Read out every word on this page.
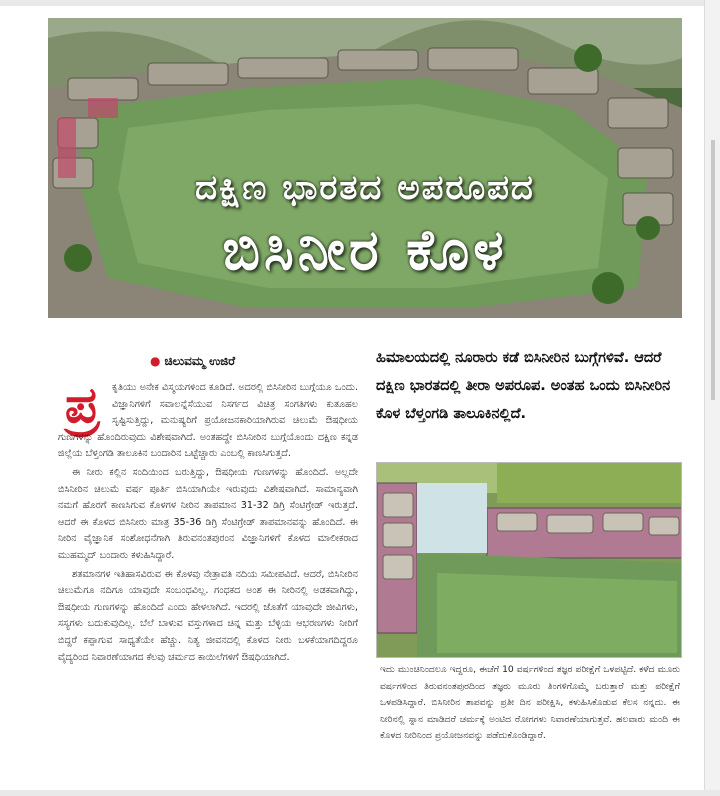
ದಕ್ಷಿಣ ಭಾರತದ ಅಪರೂಪದ
ಬಿಸಿನೀರ ಕೊಳ
● ಚಿಲುವಮ್ಮ ಉಜಿರೆ
ಪ್ರ	ಕೃತಿಯು ಅನೇಕ ವಿಸ್ಮಯಗಳಿಂದ ಕೂಡಿದೆ. ಅದರಲ್ಲಿ ಬಿಸಿನೀರಿನ ಬುಗ್ಗೆಯೂ ಒಂದು. ವಿಜ್ಞಾನಿಗಳಿಗೆ ಸವಾಲನ್ನೆಸೆಯುವ ನಿಸರ್ಗದ ವಿಚಿತ್ರ ಸಂಗತಿಗಳು ಕುತೂಹಲ ಸೃಷ್ಟಿಸುತ್ತಿದ್ದು, ಮನುಷ್ಯರಿಗೆ ಪ್ರಯೋಜನಕಾರಿಯಾಗಿರುವ ಚಿಲುಮೆ ಔಷಧೀಯ ಗುಣಗಳನ್ನು ಹೊಂದಿರುವುದು ವಿಶೇಷವಾಗಿದೆ. ಅಂತಹದ್ದೇ ಬಿಸಿನೀರಿನ ಬುಗ್ಗೆಯೊಂದು ದಕ್ಷಿಣ ಕನ್ನಡ ಜಿಲ್ಲೆಯ ಬೆಳ್ತಂಗಡಿ ತಾಲೂಕಿನ ಬಂದಾರಿನ ಒಟ್ಟೆಚ್ಚಾರು ಎಂಬಲ್ಲಿ ಕಾಣಸಿಗುತ್ತದೆ.

ಈ ನೀರು ಕಲ್ಲಿನ ಸಂದಿಯಿಂದ ಬರುತ್ತಿದ್ದು, ಔಷಧೀಯ ಗುಣಗಳನ್ನು ಹೊಂದಿದೆ. ಅಲ್ಲದೇ ಬಿಸಿನೀರಿನ ಚಿಲುಮೆ ವರ್ಷ ಪೂರ್ತಿ ಬಿಸಿಯಾಗಿಯೇ ಇರುವುದು ವಿಶೇಷವಾಗಿದೆ. ಸಾಮಾನ್ಯವಾಗಿ ನಮಗೆ ಹೊರಗೆ ಕಾಣಸಿಗುವ ಕೊಳಗಳ ನೀರಿನ ತಾಪಮಾನ 31-32 ಡಿಗ್ರಿ ಸೆಂಟಿಗ್ರೇಡ್ ಇರುತ್ತದೆ. ಆದರೆ ಈ ಕೊಳದ ಬಿಸಿನೀರು ಮಾತ್ರ 35-36 ಡಿಗ್ರಿ ಸೆಂಟಿಗ್ರೇಡ್ ತಾಪಮಾನವನ್ನು ಹೊಂದಿದೆ. ಈ ನೀರಿನ ವೈಜ್ಞಾನಿಕ ಸಂಶೋಧನೆಗಾಗಿ ತಿರುವನಂತಪುರಂನ ವಿಜ್ಞಾನಿಗಳಿಗೆ ಕೊಳದ ಮಾಲೀಕರಾದ ಮುಹಮ್ಮದ್ ಬಂದಾರು ಕಳುಹಿಸಿದ್ದಾರೆ.

ಶತಮಾನಗಳ ಇತಿಹಾಸವಿರುವ ಈ ಕೊಳವು ನೇತ್ರಾವತಿ ನದಿಯ ಸಮೀಪವಿದೆ. ಆದರೆ, ಬಿಸಿನೀರಿನ ಚಿಲುಮೆಗೂ ನದಿಗೂ ಯಾವುದೇ ಸಂಬಂಧವಿಲ್ಲ. ಗಂಧಕದ ಅಂಶ ಈ ನೀರಿನಲ್ಲಿ ಅಡಕವಾಗಿದ್ದು, ಔಷಧೀಯ ಗುಣಗಳನ್ನು ಹೊಂದಿದೆ ಎಂದು ಹೇಳಲಾಗಿದೆ. ಇದರಲ್ಲಿ ಜೊತೆಗೆ ಯಾವುದೇ ಜೀವಿಗಳು, ಸಸ್ಯಗಳು ಬದುಕುವುದಿಲ್ಲ. ಬೆಲೆ ಬಾಳುವ ವಸ್ತುಗಳಾದ ಚಿನ್ನ ಮತ್ತು ಬೆಳ್ಳಿಯ ಆಭರಣಗಳು ನೀರಿಗೆ ಬಿದ್ದರೆ ಕಪ್ಪಾಗುವ ಸಾಧ್ಯತೆಯೇ ಹೆಚ್ಚು. ನಿತ್ಯ ಜೀವನದಲ್ಲಿ ಕೊಳದ ನೀರು ಬಳಕೆಯಾಗದಿದ್ದರೂ ವೈದ್ಯರಿಂದ ನಿವಾರಣೆಯಾಗದ ಕೆಲವು ಚರ್ಮದ ಕಾಯಿಲೆಗಳಿಗೆ ಔಷಧಿಯಾಗಿದೆ.

ಹಿಮಾಲಯದಲ್ಲಿ ನೂರಾರು ಕಡೆ ಬಿಸಿನೀರಿನ ಬುಗ್ಗೆಗಳಿವೆ. ಆದರೆ ದಕ್ಷಿಣ ಭಾರತದಲ್ಲಿ ತೀರಾ ಅಪರೂಪ. ಅಂತಹ ಒಂದು ಬಿಸಿನೀರಿನ ಕೊಳ ಬೆಳ್ತಂಗಡಿ ತಾಲೂಕಿನಲ್ಲಿದೆ.
ಇದು ಮುಂಚಿನಿಂದಲೂ ಇದ್ದರೂ, ಈಚೆಗೆ 10 ವರ್ಷಗಳಿಂದ ತಜ್ಞರ ಪರೀಕ್ಷೆಗೆ ಒಳಪಟ್ಟಿದೆ. ಕಳೆದ ಮೂರು ವರ್ಷಗಳಿಂದ ತಿರುವನಂತಪುರದಿಂದ ತಜ್ಞರು ಮೂರು ತಿಂಗಳಿಗೊಮ್ಮೆ ಬರುತ್ತಾರೆ ಮತ್ತು ಪರೀಕ್ಷೆಗೆ ಒಳಪಡಿಸಿದ್ದಾರೆ. ಬಿಸಿನೀರಿನ ತಾಪವನ್ನು ಪ್ರತೀ ದಿನ ಪರೀಕ್ಷಿಸಿ, ಕಳುಹಿಸಿಕೊಡುವ ಕೆಲಸ ನನ್ನದು. ಈ ನೀರಿನಲ್ಲಿ ಸ್ನಾನ ಮಾಡಿದರೆ ಚರ್ಮಕ್ಕೆ ಅಂಟಿದ ರೋಗಗಳು ನಿವಾರಣೆಯಾಗುತ್ತವೆ. ಹಲವಾರು ಮಂದಿ ಈ ಕೊಳದ ನೀರಿನಿಂದ ಪ್ರಯೋಜನವನ್ನು ಪಡೆದುಕೊಂಡಿದ್ದಾರೆ.
